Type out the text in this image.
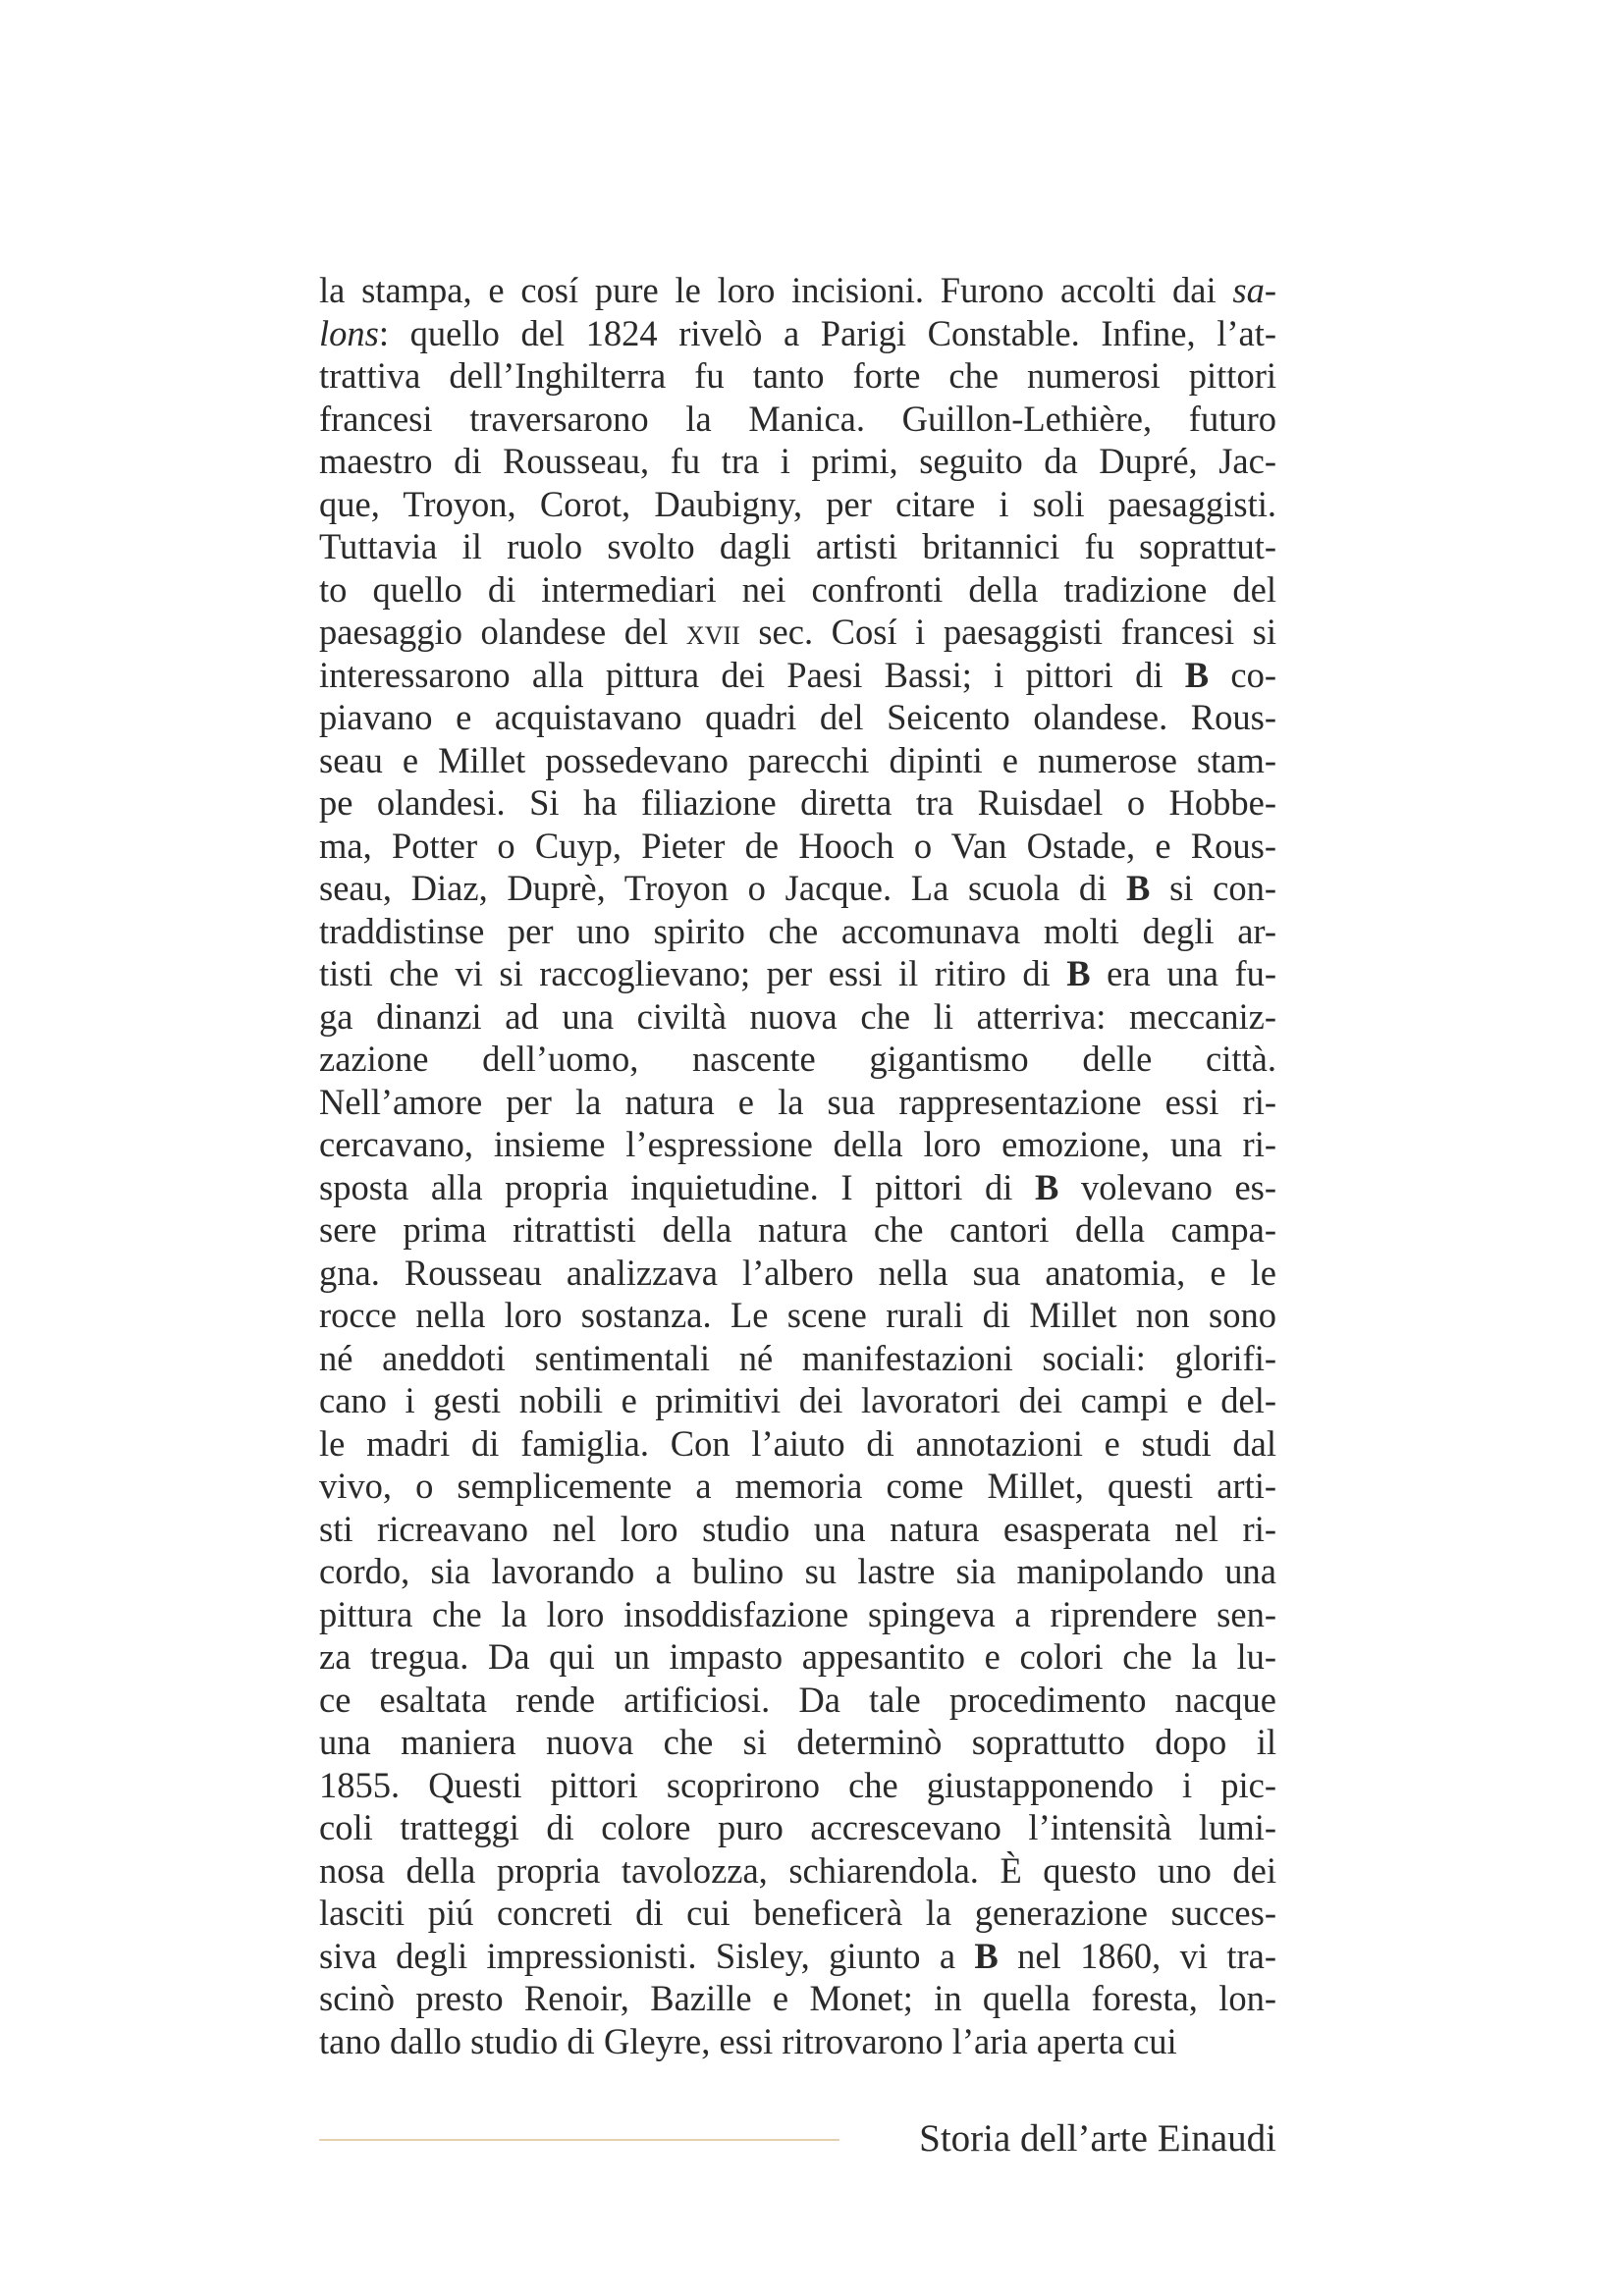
la stampa, e cosí pure le loro incisioni. Furono accolti dai sa-
lons: quello del 1824 rivelò a Parigi Constable. Infine, l’at-
trattiva dell’Inghilterra fu tanto forte che numerosi pittori
francesi traversarono la Manica. Guillon-Lethière, futuro
maestro di Rousseau, fu tra i primi, seguito da Dupré, Jac-
que, Troyon, Corot, Daubigny, per citare i soli paesaggisti.
Tuttavia il ruolo svolto dagli artisti britannici fu soprattut-
to quello di intermediari nei confronti della tradizione del
paesaggio olandese del xvii sec. Cosí i paesaggisti francesi si
interessarono alla pittura dei Paesi Bassi; i pittori di B co-
piavano e acquistavano quadri del Seicento olandese. Rous-
seau e Millet possedevano parecchi dipinti e numerose stam-
pe olandesi. Si ha filiazione diretta tra Ruisdael o Hobbe-
ma, Potter o Cuyp, Pieter de Hooch o Van Ostade, e Rous-
seau, Diaz, Duprè, Troyon o Jacque. La scuola di B si con-
traddistinse per uno spirito che accomunava molti degli ar-
tisti che vi si raccoglievano; per essi il ritiro di B era una fu-
ga dinanzi ad una civiltà nuova che li atterriva: meccaniz-
zazione dell’uomo, nascente gigantismo delle città.
Nell’amore per la natura e la sua rappresentazione essi ri-
cercavano, insieme l’espressione della loro emozione, una ri-
sposta alla propria inquietudine. I pittori di B volevano es-
sere prima ritrattisti della natura che cantori della campa-
gna. Rousseau analizzava l’albero nella sua anatomia, e le
rocce nella loro sostanza. Le scene rurali di Millet non sono
né aneddoti sentimentali né manifestazioni sociali: glorifi-
cano i gesti nobili e primitivi dei lavoratori dei campi e del-
le madri di famiglia. Con l’aiuto di annotazioni e studi dal
vivo, o semplicemente a memoria come Millet, questi arti-
sti ricreavano nel loro studio una natura esasperata nel ri-
cordo, sia lavorando a bulino su lastre sia manipolando una
pittura che la loro insoddisfazione spingeva a riprendere sen-
za tregua. Da qui un impasto appesantito e colori che la lu-
ce esaltata rende artificiosi. Da tale procedimento nacque
una maniera nuova che si determinò soprattutto dopo il
1855. Questi pittori scoprirono che giustapponendo i pic-
coli tratteggi di colore puro accrescevano l’intensità lumi-
nosa della propria tavolozza, schiarendola. È questo uno dei
lasciti piú concreti di cui beneficerà la generazione succes-
siva degli impressionisti. Sisley, giunto a B nel 1860, vi tra-
scinò presto Renoir, Bazille e Monet; in quella foresta, lon-
tano dallo studio di Gleyre, essi ritrovarono l’aria aperta cui
Storia dell’arte Einaudi
